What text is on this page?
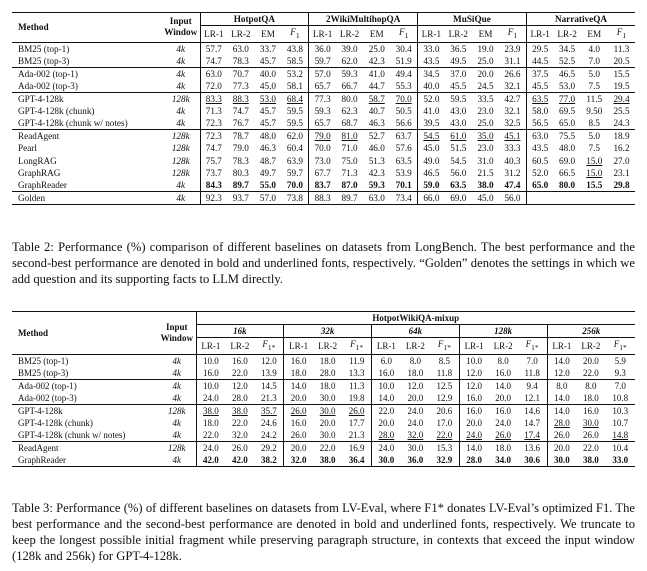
Method	Input
Window	HotpotQA				2WikiMultihopQA				MuSiQue				NarrativeQA			
		LR-1	LR-2	EM	$F_1$	LR-1	LR-2	EM	$F_1$	LR-1	LR-2	EM	$F_1$	LR-1	LR-2	EM	$F_1$
BM25 (top-1)	4k	57.7	63.0	33.7	43.8	36.0	39.0	25.0	30.4	33.0	36.5	19.0	23.9	29.5	34.5	4.0	11.3
BM25 (top-3)	4k	74.7	78.3	45.7	58.5	59.7	62.0	42.3	51.9	43.5	49.5	25.0	31.1	44.5	52.5	7.0	20.5
Ada-002 (top-1)	4k	63.0	70.7	40.0	53.2	57.0	59.3	41.0	49.4	34.5	37.0	20.0	26.6	37.5	46.5	5.0	15.5
Ada-002 (top-3)	4k	72.0	77.3	45.0	58.1	65.7	66.7	44.7	55.3	40.0	45.5	24.5	32.1	45.5	53.0	7.5	19.5
GPT-4-128k	128k	83.3	88.3	53.0	68.4	77.3	80.0	58.7	70.0	52.0	59.5	33.5	42.7	63.5	77.0	11.5	29.4
GPT-4-128k (chunk)	4k	71.3	74.7	45.7	59.5	59.3	62.3	40.7	50.5	41.0	43.0	23.0	32.1	58.0	69.5	9.50	25.5
GPT-4-128k (chunk w/ notes)	4k	72.3	76.7	45.7	59.5	65.7	68.7	46.3	56.6	39.5	43.0	25.0	32.5	56.5	65.0	8.5	24.3
ReadAgent	128k	72.3	78.7	48.0	62.0	79.0	81.0	52.7	63.7	54.5	61.0	35.0	45.1	63.0	75.5	5.0	18.9
Pearl	128k	74.7	79.0	46.3	60.4	70.0	71.0	46.0	57.6	45.0	51.5	23.0	33.3	43.5	48.0	7.5	16.2
LongRAG	128k	75.7	78.3	48.7	63.9	73.0	75.0	51.3	63.5	49.0	54.5	31.0	40.3	60.5	69.0	15.0	27.0
GraphRAG	128k	73.7	80.3	49.7	59.7	67.7	71.3	42.3	53.9	46.5	56.0	21.5	31.2	52.0	66.5	15.0	23.1
GraphReader	4k	84.3	89.7	55.0	70.0	83.7	87.0	59.3	70.1	59.0	63.5	38.0	47.4	65.0	80.0	15.5	29.8
Golden	4k	92.3	93.7	57.0	73.8	88.3	89.7	63.0	73.4	66.0	69.0	45.0	56.0				
Table 2: Performance (%) comparison of different baselines on datasets from LongBench. The best performance and the second-best performance are denoted in bold and underlined fonts, respectively. “Golden” denotes the settings in which we add question and its supporting facts to LLM directly.
Method	Input
Window	HotpotWikiQA-mixup														
		16k			32k			64k			128k			256k		
		LR-1	LR-2	$F_{1*}$	LR-1	LR-2	$F_{1*}$	LR-1	LR-2	$F_{1*}$	LR-1	LR-2	$F_{1*}$	LR-1	LR-2	$F_{1*}$
BM25 (top-1)	4k	10.0	16.0	12.0	16.0	18.0	11.9	6.0	8.0	8.5	10.0	8.0	7.0	14.0	20.0	5.9
BM25 (top-3)	4k	16.0	22.0	13.9	18.0	28.0	13.3	16.0	18.0	11.8	12.0	16.0	11.8	12.0	22.0	9.3
Ada-002 (top-1)	4k	10.0	12.0	14.5	14.0	18.0	11.3	10.0	12.0	12.5	12.0	14.0	9.4	8.0	8.0	7.0
Ada-002 (top-3)	4k	24.0	28.0	21.3	20.0	30.0	19.8	14.0	20.0	12.9	16.0	20.0	12.1	14.0	18.0	10.8
GPT-4-128k	128k	38.0	38.0	35.7	26.0	30.0	26.0	22.0	24.0	20.6	16.0	16.0	14.6	14.0	16.0	10.3
GPT-4-128k (chunk)	4k	18.0	22.0	24.6	16.0	20.0	17.7	20.0	24.0	17.0	20.0	24.0	14.7	28.0	30.0	10.7
GPT-4-128k (chunk w/ notes)	4k	22.0	32.0	24.2	26.0	30.0	21.3	28.0	32.0	22.0	24.0	26.0	17.4	26.0	26.0	14.8
ReadAgent	128k	24.0	26.0	29.2	20.0	22.0	16.9	24.0	30.0	15.3	14.0	18.0	13.6	20.0	22.0	10.4
GraphReader	4k	42.0	42.0	38.2	32.0	38.0	36.4	30.0	36.0	32.9	28.0	34.0	30.6	30.0	38.0	33.0
Table 3: Performance (%) of different baselines on datasets from LV-Eval, where F1* donates LV-Eval’s optimized F1. The best performance and the second-best performance are denoted in bold and underlined fonts, respectively. We truncate to keep the longest possible initial fragment while preserving paragraph structure, in contexts that exceed the input window (128k and 256k) for GPT-4-128k.
